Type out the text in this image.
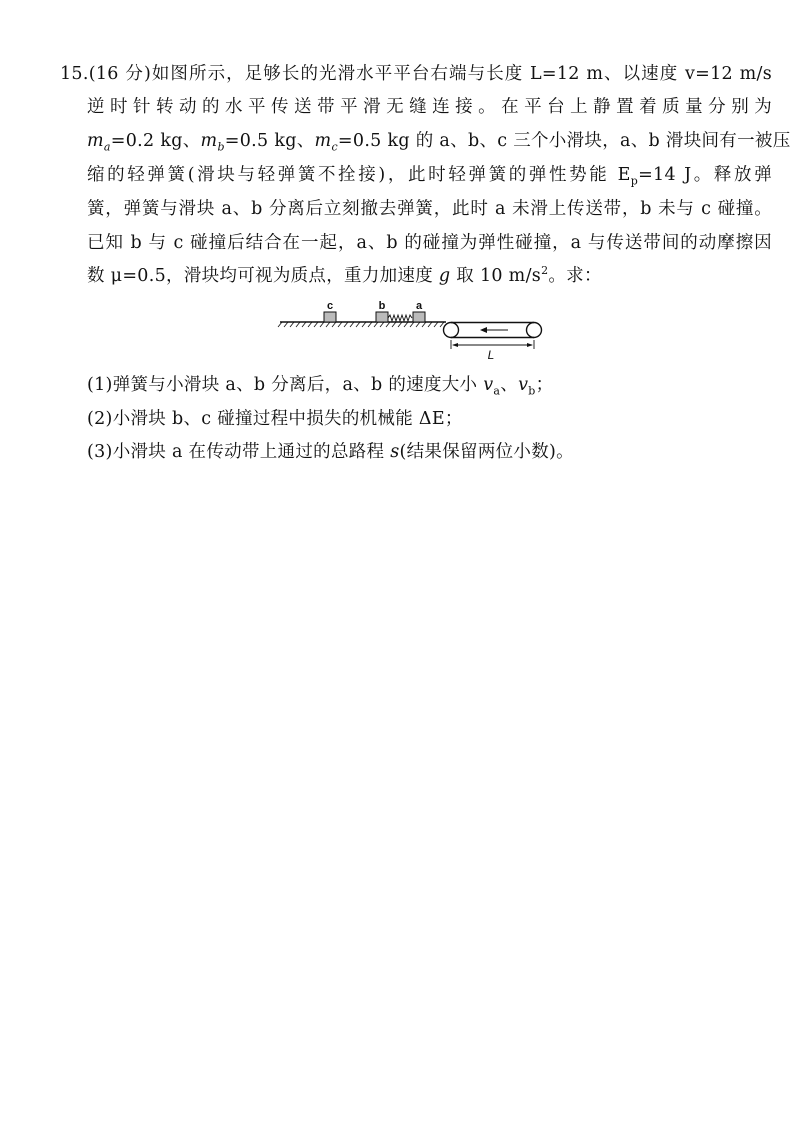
15.(16 分)如图所示，足够长的光滑水平平台右端与长度 L=12 m、以速度 v=12 m/s
逆时针转动的水平传送带平滑无缝连接。在平台上静置着质量分别为
$m_a=0.2$ kg、$m_b=0.5$ kg、$m_c=0.5$ kg 的 a、b、c 三个小滑块，a、b 滑块间有一被压
缩的轻弹簧(滑块与轻弹簧不拴接)，此时轻弹簧的弹性势能 $E_p=14$ J。释放弹
簧，弹簧与滑块 a、b 分离后立刻撤去弹簧，此时 a 未滑上传送带，b 未与 c 碰撞。
已知 b 与 c 碰撞后结合在一起，a、b 的碰撞为弹性碰撞，a 与传送带间的动摩擦因
数 μ=0.5，滑块均可视为质点，重力加速度 g 取 10 $m/s^2$。求：
c	b	a
L
(1)弹簧与小滑块 a、b 分离后，a、b 的速度大小 $v_a$、$v_b$；
(2)小滑块 b、c 碰撞过程中损失的机械能 ΔE；
(3)小滑块 a 在传动带上通过的总路程 s(结果保留两位小数)。
